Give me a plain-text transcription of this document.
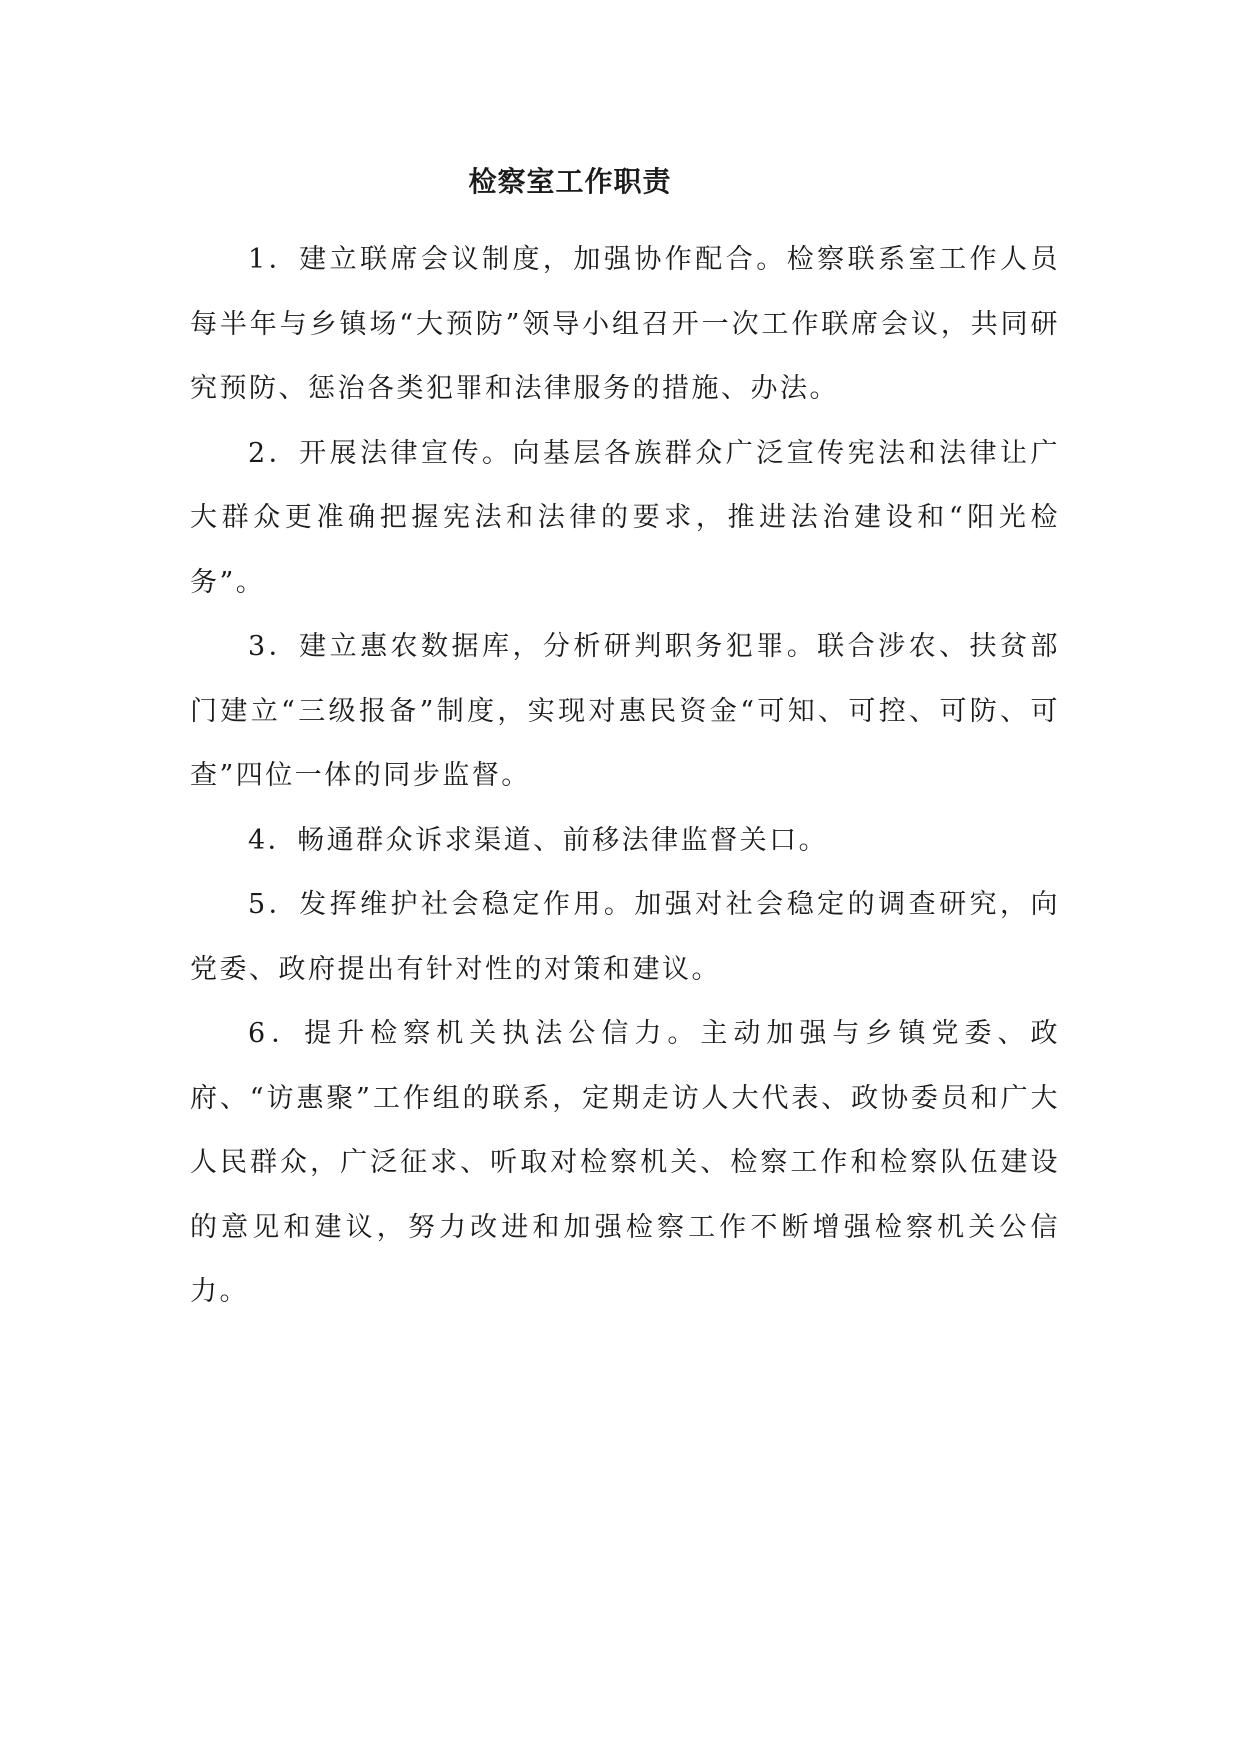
检察室工作职责

1．建立联席会议制度，加强协作配合。检察联系室工作人员每半年与乡镇场“大预防”领导小组召开一次工作联席会议，共同研究预防、惩治各类犯罪和法律服务的措施、办法。

2．开展法律宣传。向基层各族群众广泛宣传宪法和法律让广大群众更准确把握宪法和法律的要求，推进法治建设和“阳光检务”。

3．建立惠农数据库，分析研判职务犯罪。联合涉农、扶贫部门建立“三级报备”制度，实现对惠民资金“可知、可控、可防、可查”四位一体的同步监督。

4．畅通群众诉求渠道、前移法律监督关口。

5．发挥维护社会稳定作用。加强对社会稳定的调查研究，向党委、政府提出有针对性的对策和建议。

6．提升检察机关执法公信力。主动加强与乡镇党委、政府、“访惠聚”工作组的联系，定期走访人大代表、政协委员和广大人民群众，广泛征求、听取对检察机关、检察工作和检察队伍建设的意见和建议，努力改进和加强检察工作不断增强检察机关公信力。
